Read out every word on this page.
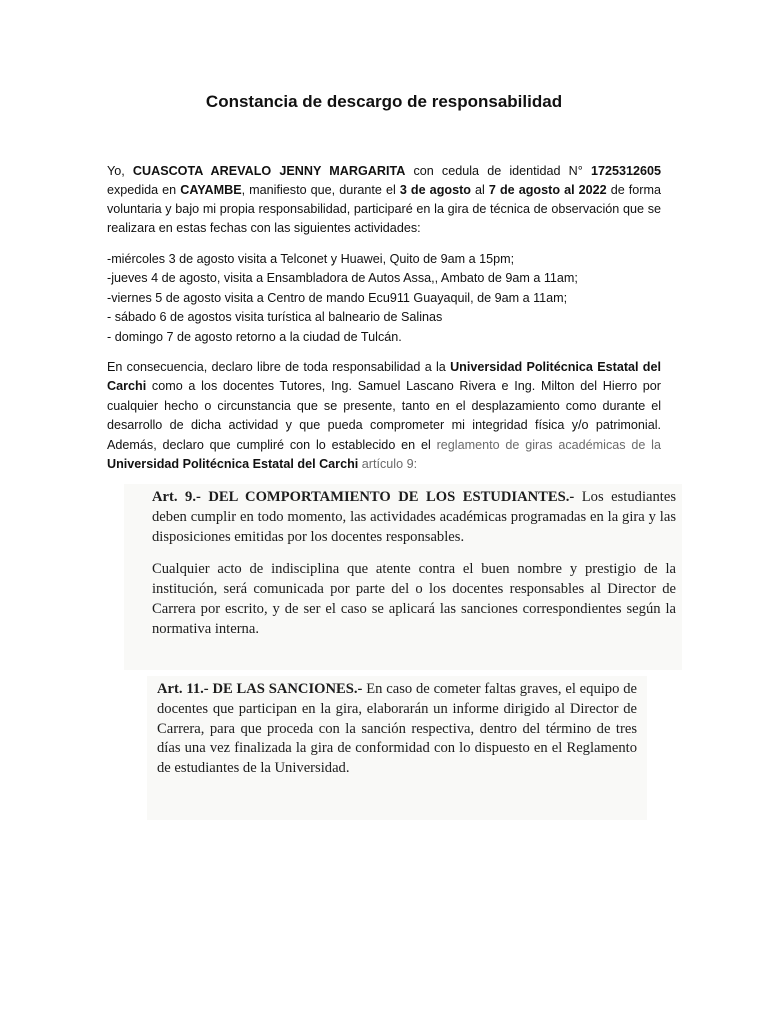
Constancia de descargo de responsabilidad
Yo, CUASCOTA AREVALO JENNY MARGARITA con cedula de identidad N° 1725312605 expedida en CAYAMBE, manifiesto que, durante el 3 de agosto al 7 de agosto al 2022 de forma voluntaria y bajo mi propia responsabilidad, participaré en la gira de técnica de observación que se realizara en estas fechas con las siguientes actividades:
-miércoles 3 de agosto visita a Telconet y Huawei, Quito de 9am a 15pm;
-jueves 4 de agosto, visita a Ensambladora de Autos Assa,, Ambato de 9am a 11am;
-viernes 5 de agosto visita a Centro de mando Ecu911 Guayaquil, de 9am a 11am;
- sábado 6 de agostos visita turística al balneario de Salinas
- domingo 7 de agosto retorno a la ciudad de Tulcán.
En consecuencia, declaro libre de toda responsabilidad a la Universidad Politécnica Estatal del Carchi como a los docentes Tutores, Ing. Samuel Lascano Rivera e Ing. Milton del Hierro por cualquier hecho o circunstancia que se presente, tanto en el desplazamiento como durante el desarrollo de dicha actividad y que pueda comprometer mi integridad física y/o patrimonial. Además, declaro que cumpliré con lo establecido en el reglamento de giras académicas de la Universidad Politécnica Estatal del Carchi artículo 9:

Art. 9.- DEL COMPORTAMIENTO DE LOS ESTUDIANTES.- Los estudiantes deben cumplir en todo momento, las actividades académicas programadas en la gira y las disposiciones emitidas por los docentes responsables.

Cualquier acto de indisciplina que atente contra el buen nombre y prestigio de la institución, será comunicada por parte del o los docentes responsables al Director de Carrera por escrito, y de ser el caso se aplicará las sanciones correspondientes según la normativa interna.

Art. 11.- DE LAS SANCIONES.- En caso de cometer faltas graves, el equipo de docentes que participan en la gira, elaborarán un informe dirigido al Director de Carrera, para que proceda con la sanción respectiva, dentro del término de tres días una vez finalizada la gira de conformidad con lo dispuesto en el Reglamento de estudiantes de la Universidad.
